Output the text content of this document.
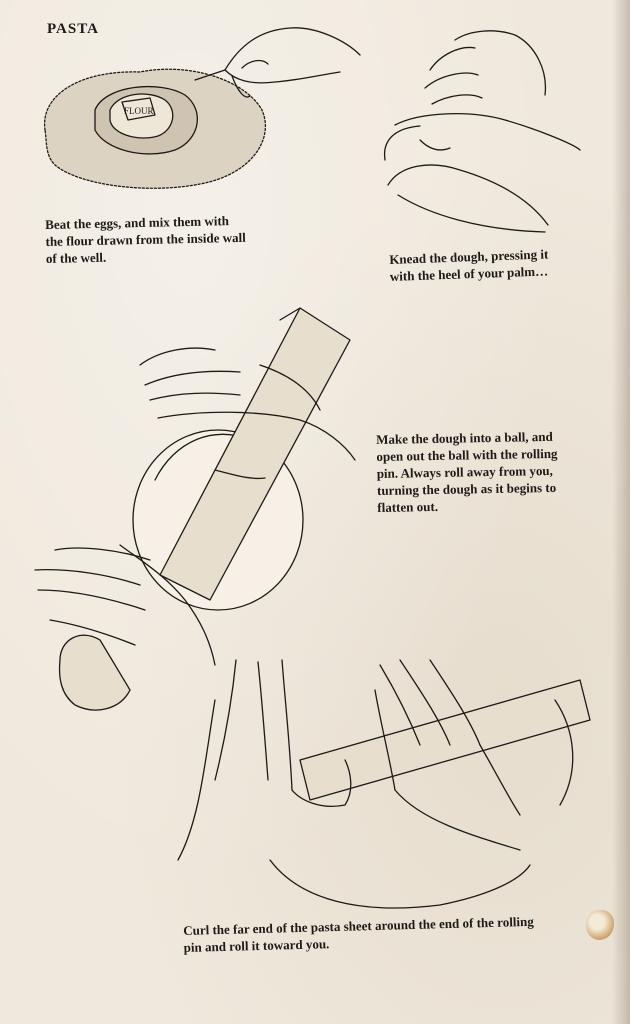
PASTA
FLOUR
Beat the eggs, and mix them with
the flour drawn from the inside wall
of the well.	Knead the dough, pressing it
with the heel of your palm…
Make the dough into a ball, and
open out the ball with the rolling
pin. Always roll away from you,
turning the dough as it begins to
flatten out.
Curl the far end of the pasta sheet around the end of the rolling
pin and roll it toward you.
